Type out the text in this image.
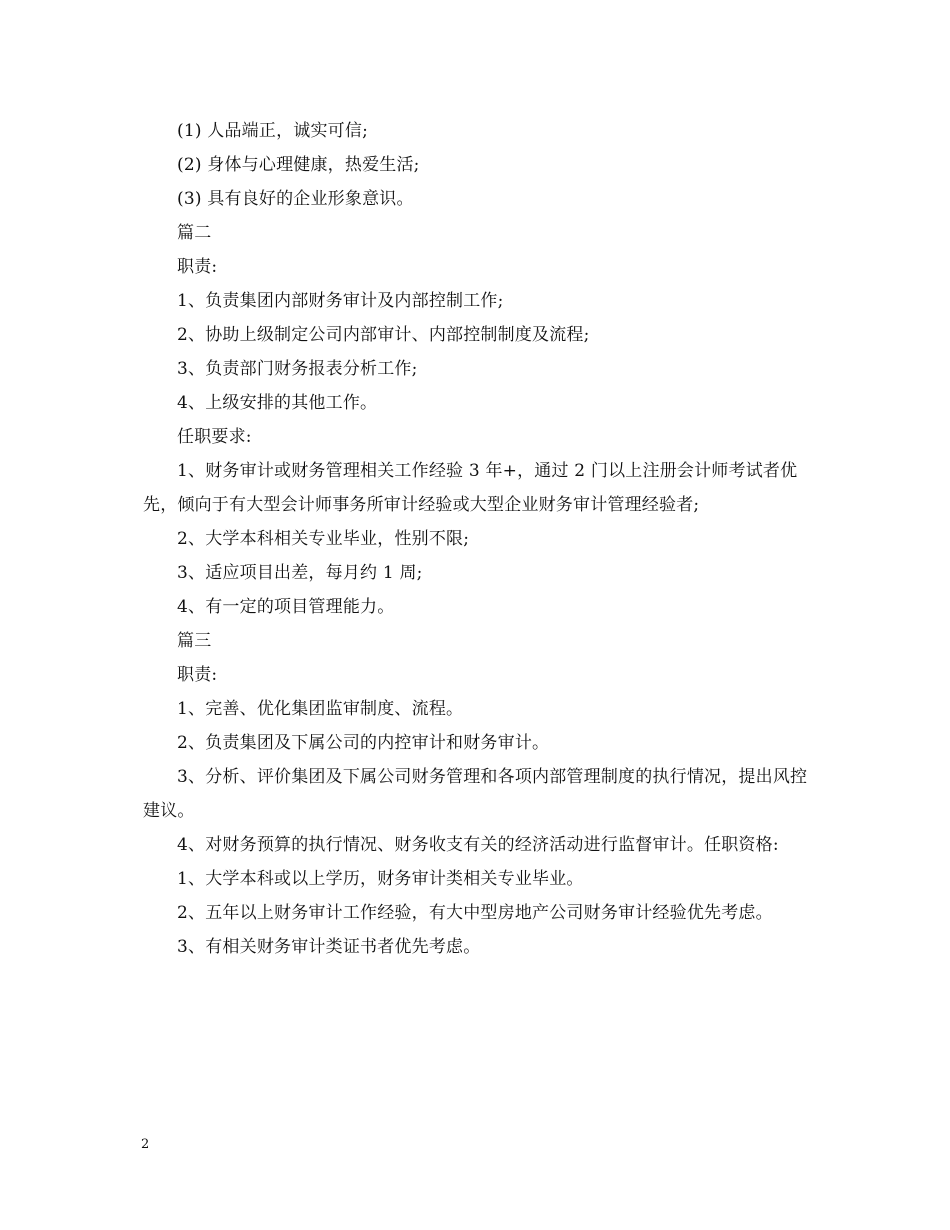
(1) 人品端正，诚实可信;

(2) 身体与心理健康，热爱生活;

(3) 具有良好的企业形象意识。

篇二

职责:

1、负责集团内部财务审计及内部控制工作;

2、协助上级制定公司内部审计、内部控制制度及流程;

3、负责部门财务报表分析工作;

4、上级安排的其他工作。

任职要求:

1、财务审计或财务管理相关工作经验 3 年+，通过 2 门以上注册会计师考试者优先，倾向于有大型会计师事务所审计经验或大型企业财务审计管理经验者;

2、大学本科相关专业毕业，性别不限;

3、适应项目出差，每月约 1 周;

4、有一定的项目管理能力。

篇三

职责:

1、完善、优化集团监审制度、流程。

2、负责集团及下属公司的内控审计和财务审计。

3、分析、评价集团及下属公司财务管理和各项内部管理制度的执行情况，提出风控建议。

4、对财务预算的执行情况、财务收支有关的经济活动进行监督审计。任职资格:

1、大学本科或以上学历，财务审计类相关专业毕业。

2、五年以上财务审计工作经验，有大中型房地产公司财务审计经验优先考虑。

3、有相关财务审计类证书者优先考虑。

2
